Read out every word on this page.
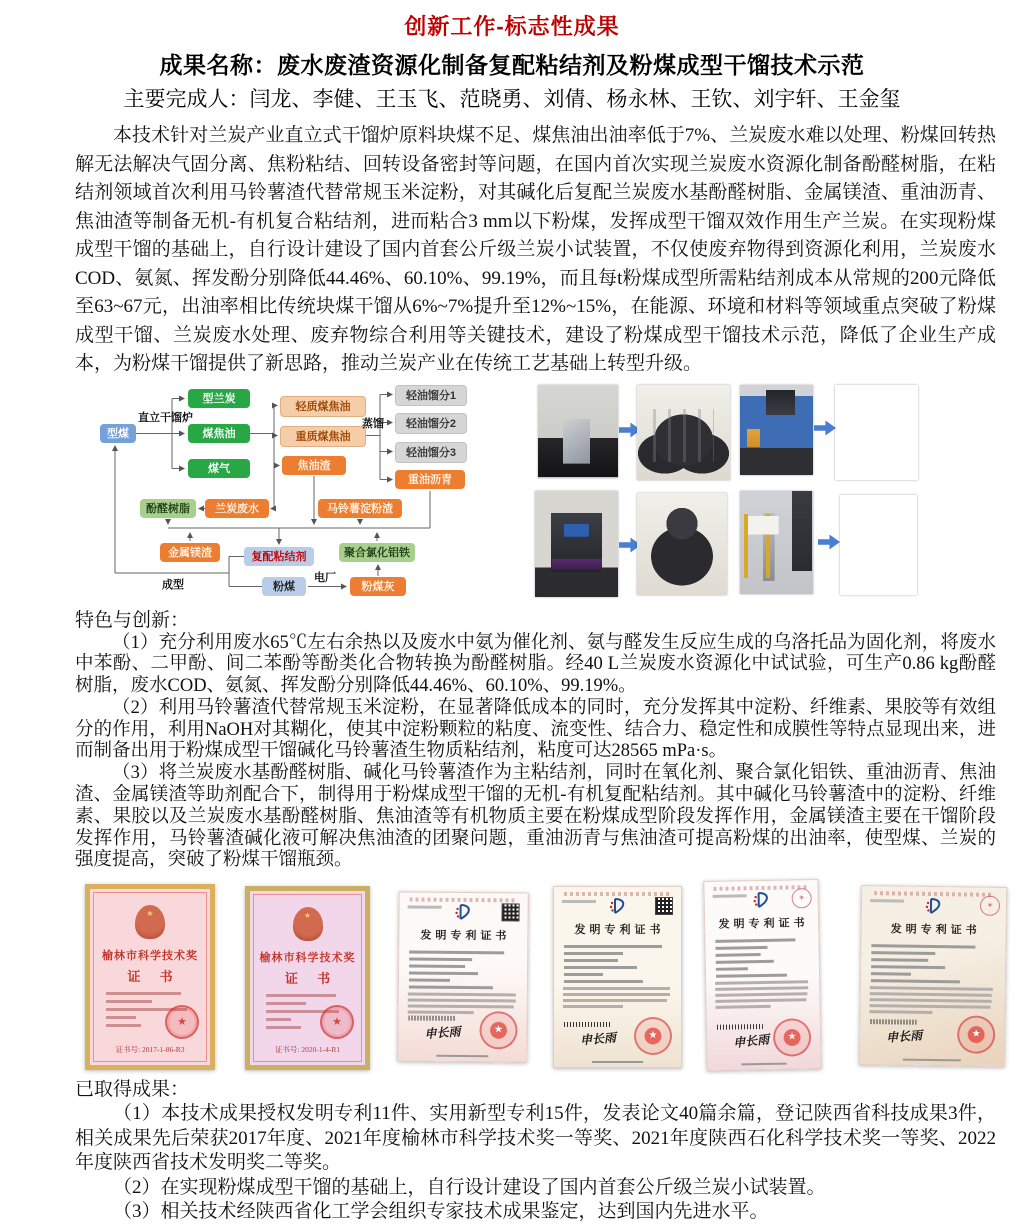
创新工作-标志性成果
成果名称：废水废渣资源化制备复配粘结剂及粉煤成型干馏技术示范
主要完成人：闫龙、李健、王玉飞、范晓勇、刘倩、杨永林、王钦、刘宇轩、王金玺

本技术针对兰炭产业直立式干馏炉原料块煤不足、煤焦油出油率低于7%、兰炭废水难以处理、粉煤回转热解无法解决气固分离、焦粉粘结、回转设备密封等问题，在国内首次实现兰炭废水资源化制备酚醛树脂，在粘结剂领域首次利用马铃薯渣代替常规玉米淀粉，对其碱化后复配兰炭废水基酚醛树脂、金属镁渣、重油沥青、焦油渣等制备无机-有机复合粘结剂，进而粘合3 mm以下粉煤，发挥成型干馏双效作用生产兰炭。在实现粉煤成型干馏的基础上，自行设计建设了国内首套公斤级兰炭小试装置，不仅使废弃物得到资源化利用，兰炭废水COD、氨氮、挥发酚分别降低44.46%、60.10%、99.19%，而且每t粉煤成型所需粘结剂成本从常规的200元降低至63~67元，出油率相比传统块煤干馏从6%~7%提升至12%~15%，在能源、环境和材料等领域重点突破了粉煤成型干馏、兰炭废水处理、废弃物综合利用等关键技术，建设了粉煤成型干馏技术示范，降低了企业生产成本，为粉煤干馏提供了新思路，推动兰炭产业在传统工艺基础上转型升级。

型煤
型兰炭
煤焦油
煤气
轻质煤焦油
重质煤焦油
焦油渣
轻油馏分1
轻油馏分2
轻油馏分3
重油沥青
酚醛树脂	兰炭废水	马铃薯淀粉渣
金属镁渣	复配粘结剂	聚合氯化铝铁
粉煤	粉煤灰
直立干馏炉	蒸馏
成型
电厂
特色与创新：

（1）充分利用废水65℃左右余热以及废水中氨为催化剂、氨与醛发生反应生成的乌洛托品为固化剂，将废水中苯酚、二甲酚、间二苯酚等酚类化合物转换为酚醛树脂。经40 L兰炭废水资源化中试试验，可生产0.86 kg酚醛树脂，废水COD、氨氮、挥发酚分别降低44.46%、60.10%、99.19%。

（2）利用马铃薯渣代替常规玉米淀粉，在显著降低成本的同时，充分发挥其中淀粉、纤维素、果胶等有效组分的作用，利用NaOH对其糊化，使其中淀粉颗粒的粘度、流变性、结合力、稳定性和成膜性等特点显现出来，进而制备出用于粉煤成型干馏碱化马铃薯渣生物质粘结剂，粘度可达28565 mPa·s。

（3）将兰炭废水基酚醛树脂、碱化马铃薯渣作为主粘结剂，同时在氧化剂、聚合氯化铝铁、重油沥青、焦油渣、金属镁渣等助剂配合下，制得用于粉煤成型干馏的无机-有机复配粘结剂。其中碱化马铃薯渣中的淀粉、纤维素、果胶以及兰炭废水基酚醛树脂、焦油渣等有机物质主要在粉煤成型阶段发挥作用，金属镁渣主要在干馏阶段发挥作用，马铃薯渣碱化液可解决焦油渣的团聚问题，重油沥青与焦油渣可提高粉煤的出油率，使型煤、兰炭的强度提高，突破了粉煤干馏瓶颈。

★
榆林市科学技术奖
证 书
★
证书号: 2017-1-86-R3
★
榆林市科学技术奖
证 书
★
证书号: 2020-1-4-R1
发明专利证书
申长雨
★
发明专利证书
申长雨
★
✶
发明专利证书
申长雨
★
✶
发明专利证书
申长雨
★
已取得成果：

（1）本技术成果授权发明专利11件、实用新型专利15件，发表论文40篇余篇，登记陕西省科技成果3件，相关成果先后荣获2017年度、2021年度榆林市科学技术奖一等奖、2021年度陕西石化科学技术奖一等奖、2022年度陕西省技术发明奖二等奖。

（2）在实现粉煤成型干馏的基础上，自行设计建设了国内首套公斤级兰炭小试装置。

（3）相关技术经陕西省化工学会组织专家技术成果鉴定，达到国内先进水平。
